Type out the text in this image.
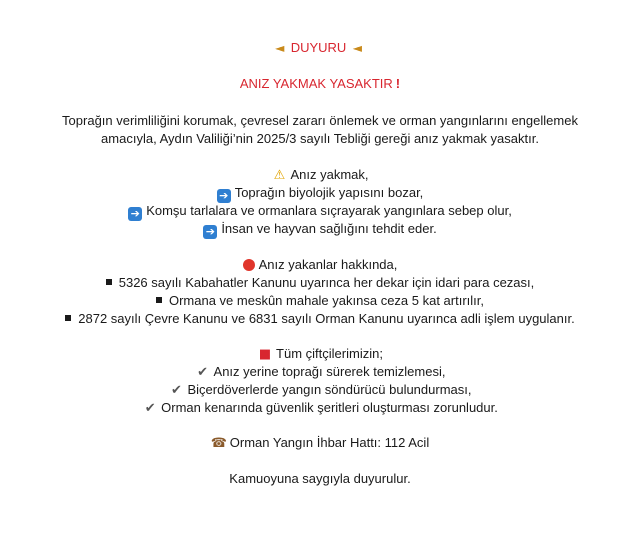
◄ DUYURU ◄
ANIZ YAKMAK YASAKTIR !
Toprağın verimliliğini korumak, çevresel zararı önlemek ve orman yangınlarını engellemek
amacıyla, Aydın Valiliği’nin 2025/3 sayılı Tebliği gereği anız yakmak yasaktır.
⚠ Anız yakmak,
➔ Toprağın biyolojik yapısını bozar,
➔ Komşu tarlalara ve ormanlara sıçrayarak yangınlara sebep olur,
➔ İnsan ve hayvan sağlığını tehdit eder.
Anız yakanlar hakkında,
5326 sayılı Kabahatler Kanunu uyarınca her dekar için idari para cezası,
Ormana ve meskûn mahale yakınsa ceza 5 kat artırılır,
2872 sayılı Çevre Kanunu ve 6831 sayılı Orman Kanunu uyarınca adli işlem uygulanır.
■ Tüm çiftçilerimizin;
✔ Anız yerine toprağı sürerek temizlemesi,
✔ Biçerdöverlerde yangın söndürücü bulundurması,
✔ Orman kenarında güvenlik şeritleri oluşturması zorunludur.
☎ Orman Yangın İhbar Hattı: 112 Acil
Kamuoyuna saygıyla duyurulur.
